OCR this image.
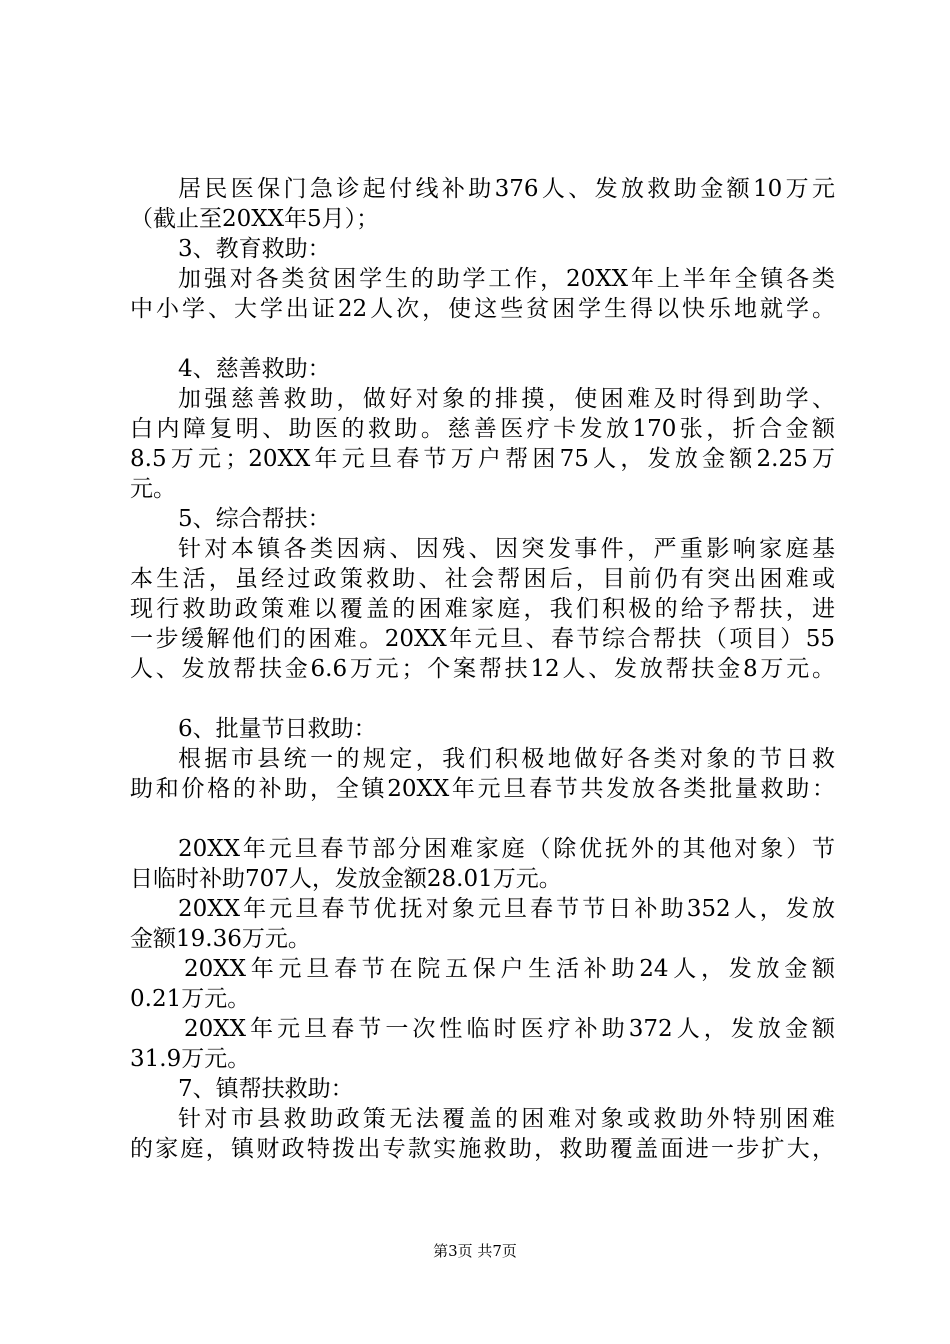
居民医保门急诊起付线补助376人、发放救助金额10万元
（截止至20XX年5月）；
3、教育救助：
加强对各类贫困学生的助学工作，20XX年上半年全镇各类
中小学、大学出证22人次，使这些贫困学生得以快乐地就学。
4、慈善救助：
加强慈善救助，做好对象的排摸，使困难及时得到助学、
白内障复明、助医的救助。慈善医疗卡发放170张，折合金额
8.5万元；20XX年元旦春节万户帮困75人，发放金额2.25万
元。
5、综合帮扶：
针对本镇各类因病、因残、因突发事件，严重影响家庭基
本生活，虽经过政策救助、社会帮困后，目前仍有突出困难或
现行救助政策难以覆盖的困难家庭，我们积极的给予帮扶，进
一步缓解他们的困难。20XX年元旦、春节综合帮扶（项目）55
人、发放帮扶金6.6万元；个案帮扶12人、发放帮扶金8万元。
6、批量节日救助：
根据市县统一的规定，我们积极地做好各类对象的节日救
助和价格的补助，全镇20XX年元旦春节共发放各类批量救助：
20XX年元旦春节部分困难家庭（除优抚外的其他对象）节
日临时补助707人，发放金额28.01万元。
20XX年元旦春节优抚对象元旦春节节日补助352人，发放
金额19.36万元。
20XX年元旦春节在院五保户生活补助24人，发放金额
0.21万元。
20XX年元旦春节一次性临时医疗补助372人，发放金额
31.9万元。
7、镇帮扶救助：
针对市县救助政策无法覆盖的困难对象或救助外特别困难
的家庭，镇财政特拨出专款实施救助，救助覆盖面进一步扩大，
第3页 共7页
